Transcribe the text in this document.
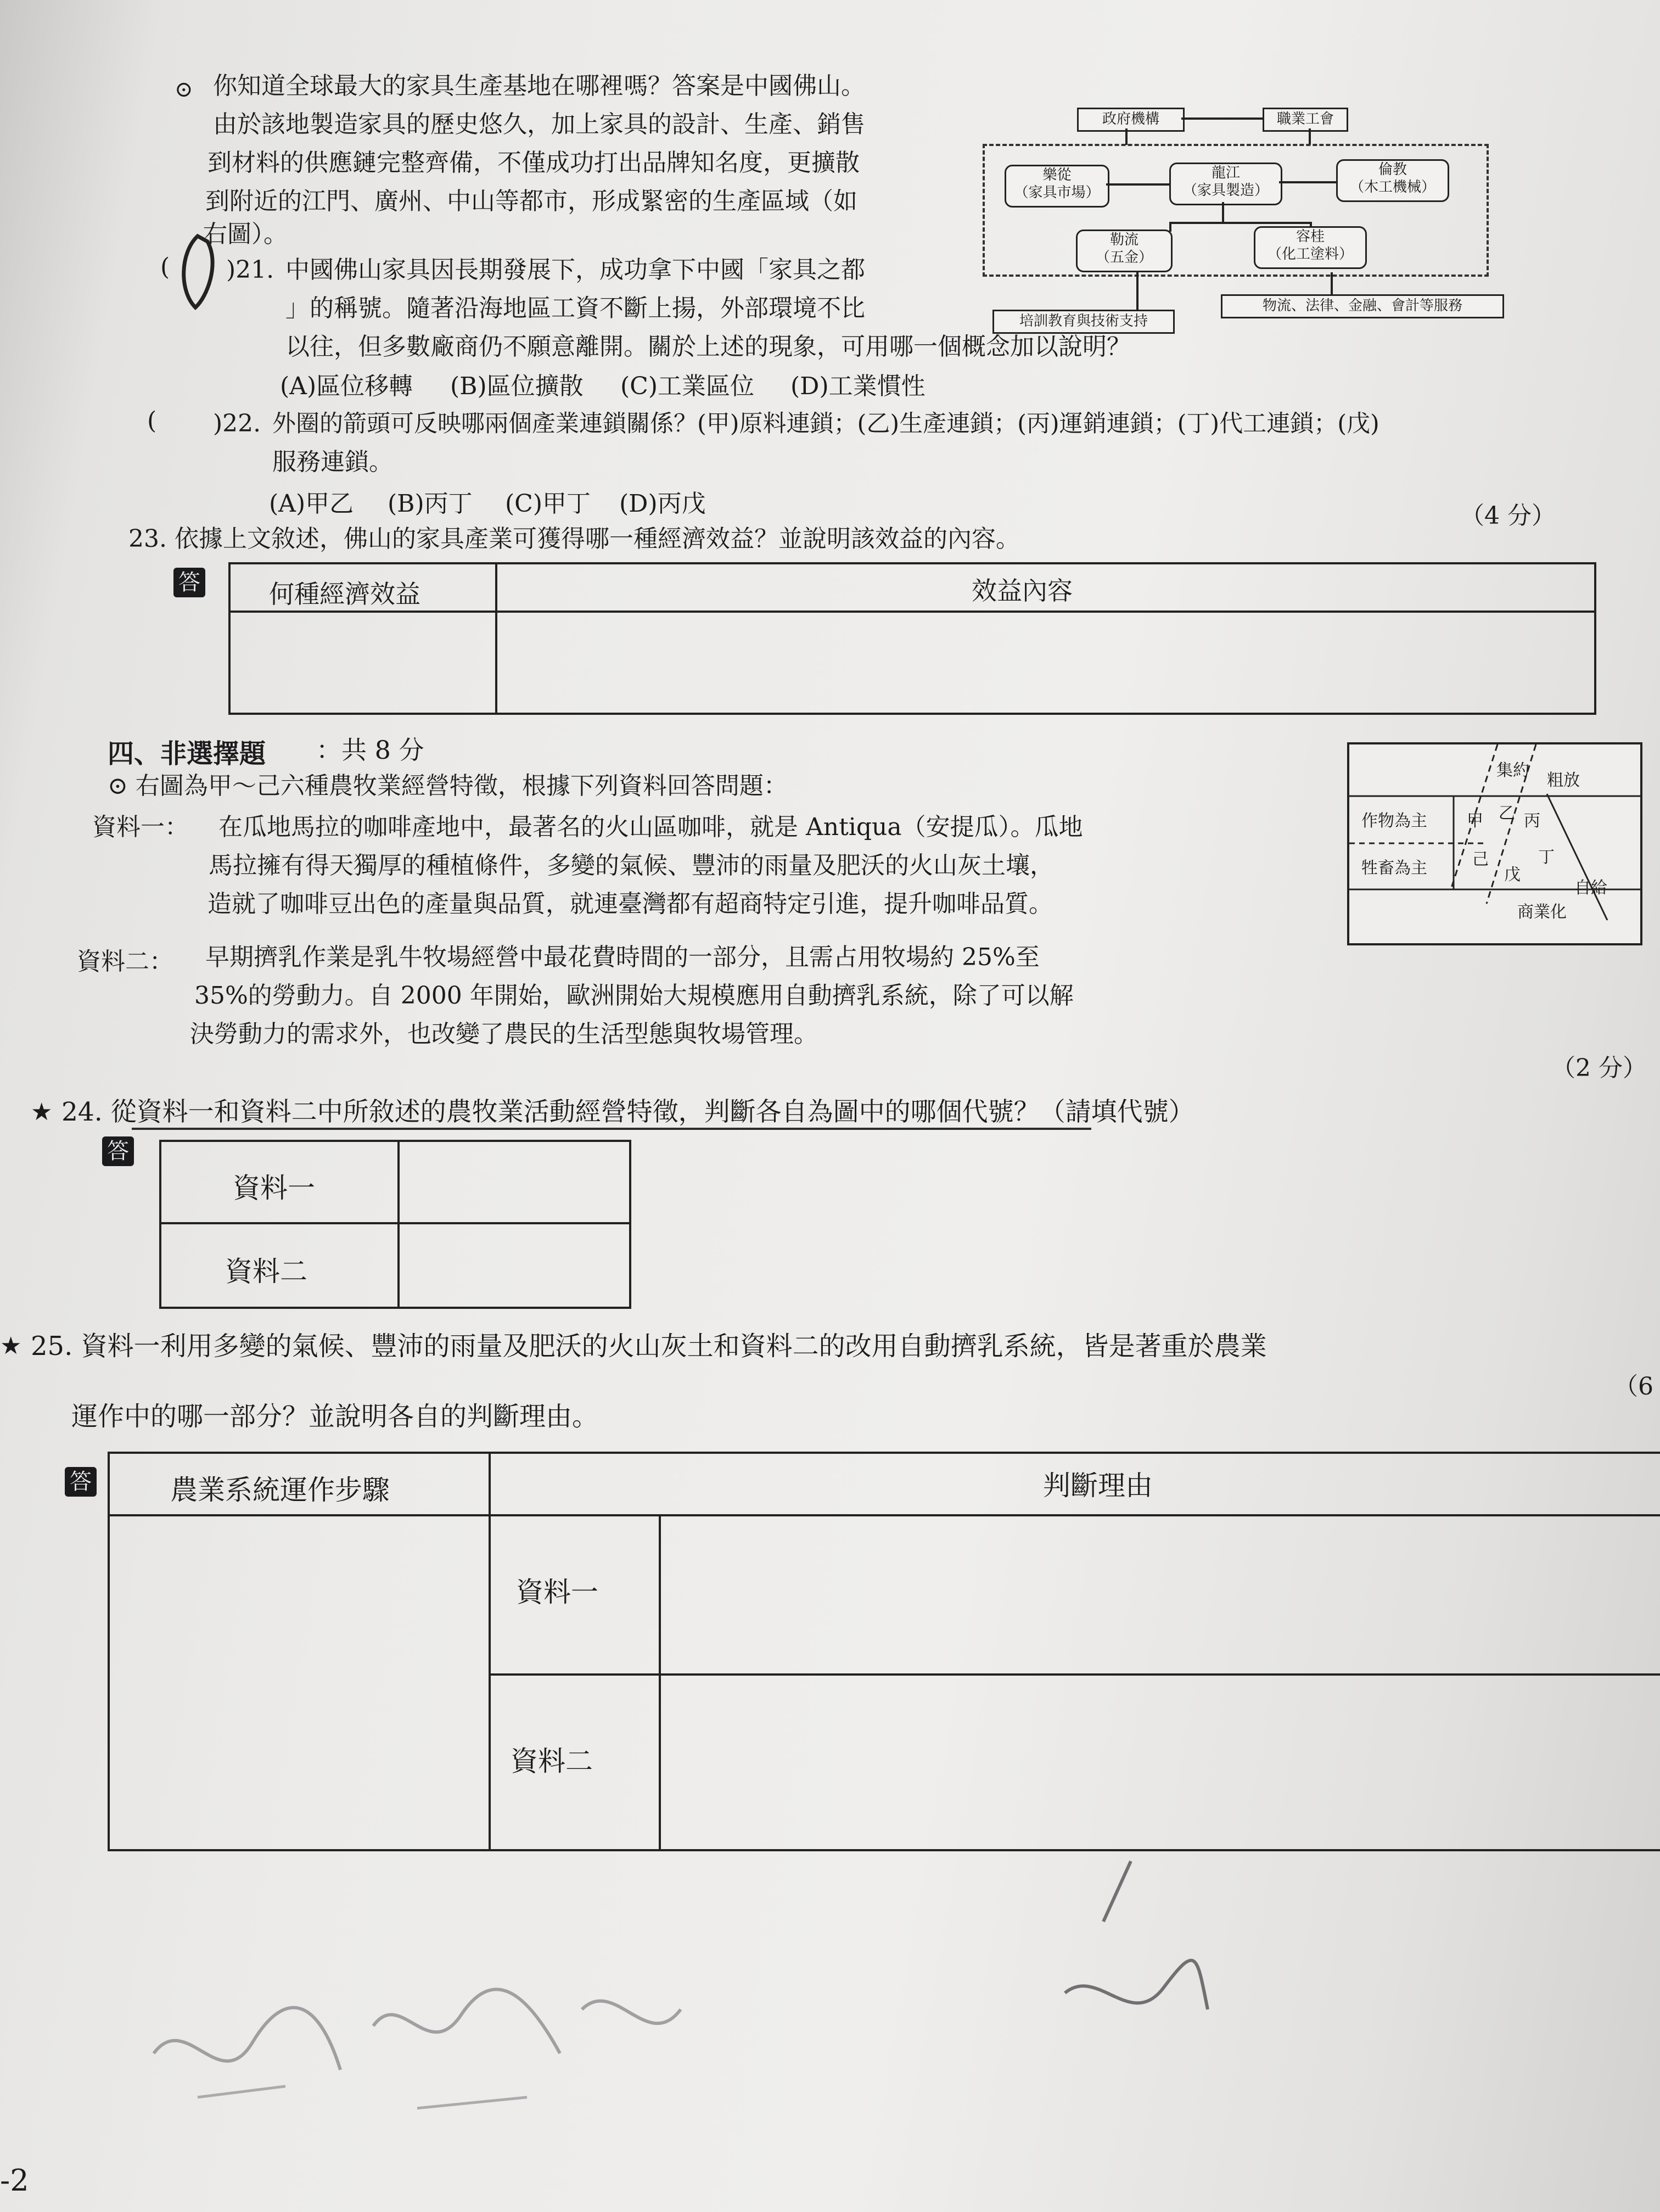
⊙ 你知道全球最大的家具生產基地在哪裡嗎？答案是中國佛山。
由於該地製造家具的歷史悠久，加上家具的設計、生產、銷售
到材料的供應鏈完整齊備，不僅成功打出品牌知名度，更擴散
到附近的江門、廣州、中山等都市，形成緊密的生產區域（如
右圖）。
政府機構	職業工會
樂從
（家具市場）
龍江
（家具製造）
倫教
（木工機械）
勒流
（五金）
容桂
（化工塗料）
培訓教育與技術支持
物流、法律、金融、會計等服務
( )21. 中國佛山家具因長期發展下，成功拿下中國「家具之都
」的稱號。隨著沿海地區工資不斷上揚，外部環境不比
以往，但多數廠商仍不願意離開。關於上述的現象，可用哪一個概念加以說明？
(A)區位移轉 (B)區位擴散 (C)工業區位 (D)工業慣性
( )22. 外圈的箭頭可反映哪兩個產業連鎖關係？(甲)原料連鎖；(乙)生產連鎖；(丙)運銷連鎖；(丁)代工連鎖；(戊)
服務連鎖。
(A)甲乙 (B)丙丁 (C)甲丁 (D)丙戊	（4 分）
23. 依據上文敘述，佛山的家具產業可獲得哪一種經濟效益？並說明該效益的內容。
答	何種經濟效益	效益內容
四、非選擇題 ：共 8 分
⊙ 右圖為甲～己六種農牧業經營特徵，根據下列資料回答問題：
資料一： 在瓜地馬拉的咖啡產地中，最著名的火山區咖啡，就是 Antiqua（安提瓜）。瓜地
馬拉擁有得天獨厚的種植條件，多變的氣候、豐沛的雨量及肥沃的火山灰土壤，
造就了咖啡豆出色的產量與品質，就連臺灣都有超商特定引進，提升咖啡品質。
資料二： 早期擠乳作業是乳牛牧場經營中最花費時間的一部分，且需占用牧場約 25%至
35%的勞動力。自 2000 年開始，歐洲開始大規模應用自動擠乳系統，除了可以解
決勞動力的需求外，也改變了農民的生活型態與牧場管理。
集約
粗放
作物為主
牲畜為主
商業化
自給
甲 乙 丙
己
戊
丁
★ 24. 從資料一和資料二中所敘述的農牧業活動經營特徵，判斷各自為圖中的哪個代號？（請填代號）
（2 分）
答
資料一
資料二
★ 25. 資料一利用多變的氣候、豐沛的雨量及肥沃的火山灰土和資料二的改用自動擠乳系統，皆是著重於農業
運作中的哪一部分？並說明各自的判斷理由。
（6
答	農業系統運作步驟	判斷理由
資料一
資料二
-2
